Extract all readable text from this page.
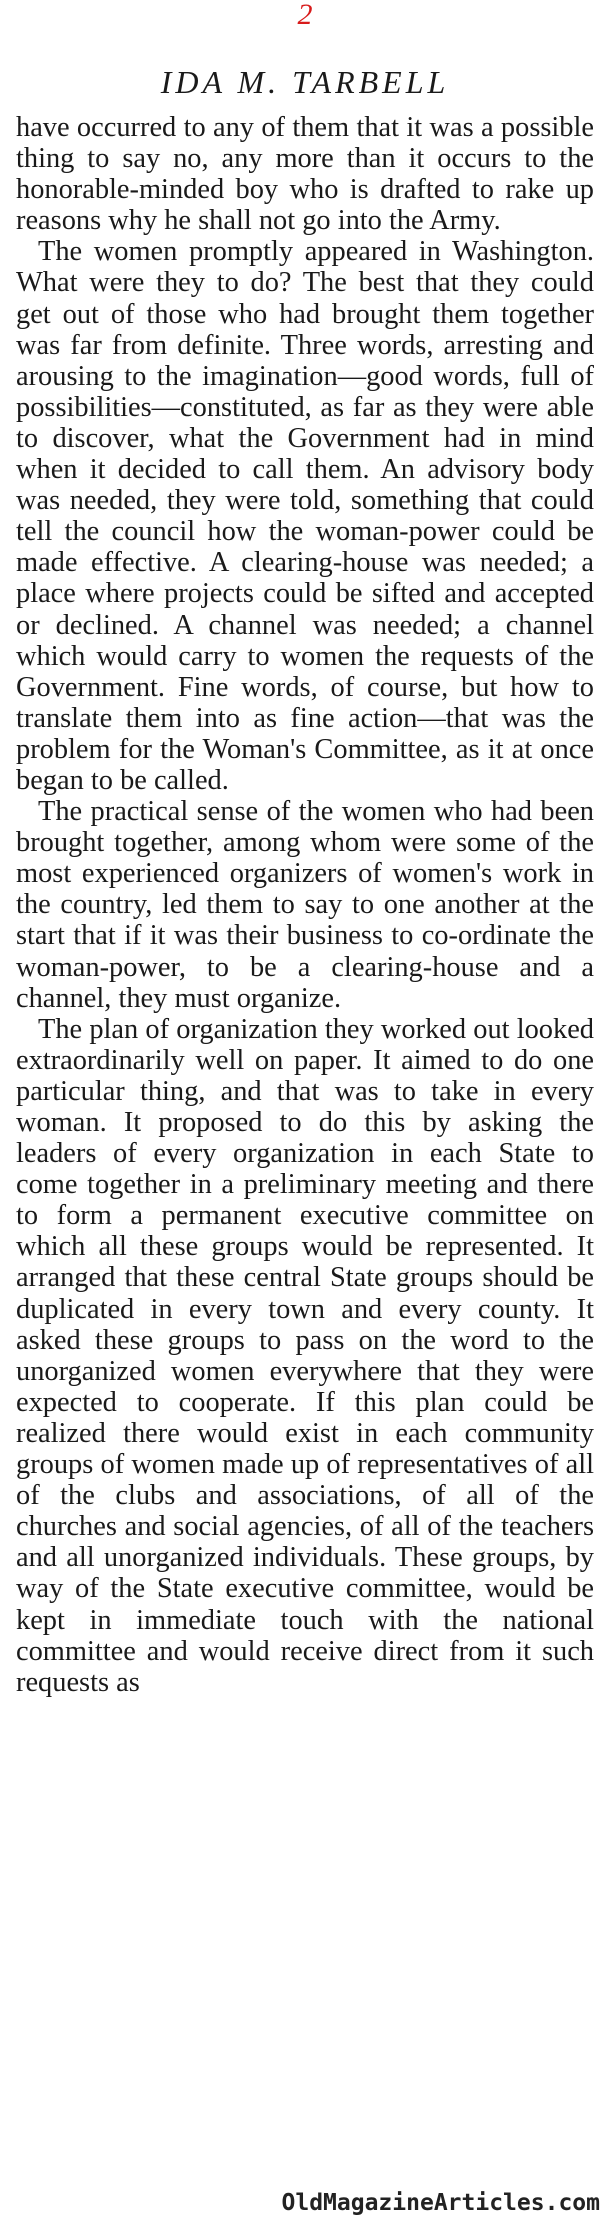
2
IDA M. TARBELL

have occurred to any of them that it was a possible thing to say no, any more than it occurs to the honorable-minded boy who is drafted to rake up reasons why he shall not go into the Army.

The women promptly appeared in Washington. What were they to do? The best that they could get out of those who had brought them together was far from definite. Three words, arresting and arousing to the imagination—good words, full of possibilities—constituted, as far as they were able to discover, what the Government had in mind when it decided to call them. An advisory body was needed, they were told, something that could tell the council how the woman-power could be made effective. A clearing-house was needed; a place where projects could be sifted and accepted or declined. A channel was needed; a channel which would carry to women the requests of the Government. Fine words, of course, but how to translate them into as fine action—that was the problem for the Woman's Committee, as it at once began to be called.

The practical sense of the women who had been brought together, among whom were some of the most experienced organizers of women's work in the country, led them to say to one another at the start that if it was their business to co-ordinate the woman-power, to be a clearing-house and a channel, they must organize.

The plan of organization they worked out looked extraordinarily well on paper. It aimed to do one particular thing, and that was to take in every woman. It proposed to do this by asking the leaders of every organization in each State to come together in a preliminary meeting and there to form a permanent executive committee on which all these groups would be represented. It arranged that these central State groups should be duplicated in every town and every county. It asked these groups to pass on the word to the unorganized women everywhere that they were expected to cooperate. If this plan could be realized there would exist in each community groups of women made up of representatives of all of the clubs and associations, of all of the churches and social agencies, of all of the teachers and all unorganized individuals. These groups, by way of the State executive committee, would be kept in immediate touch with the national committee and would receive direct from it such requests as

OldMagazineArticles.com
